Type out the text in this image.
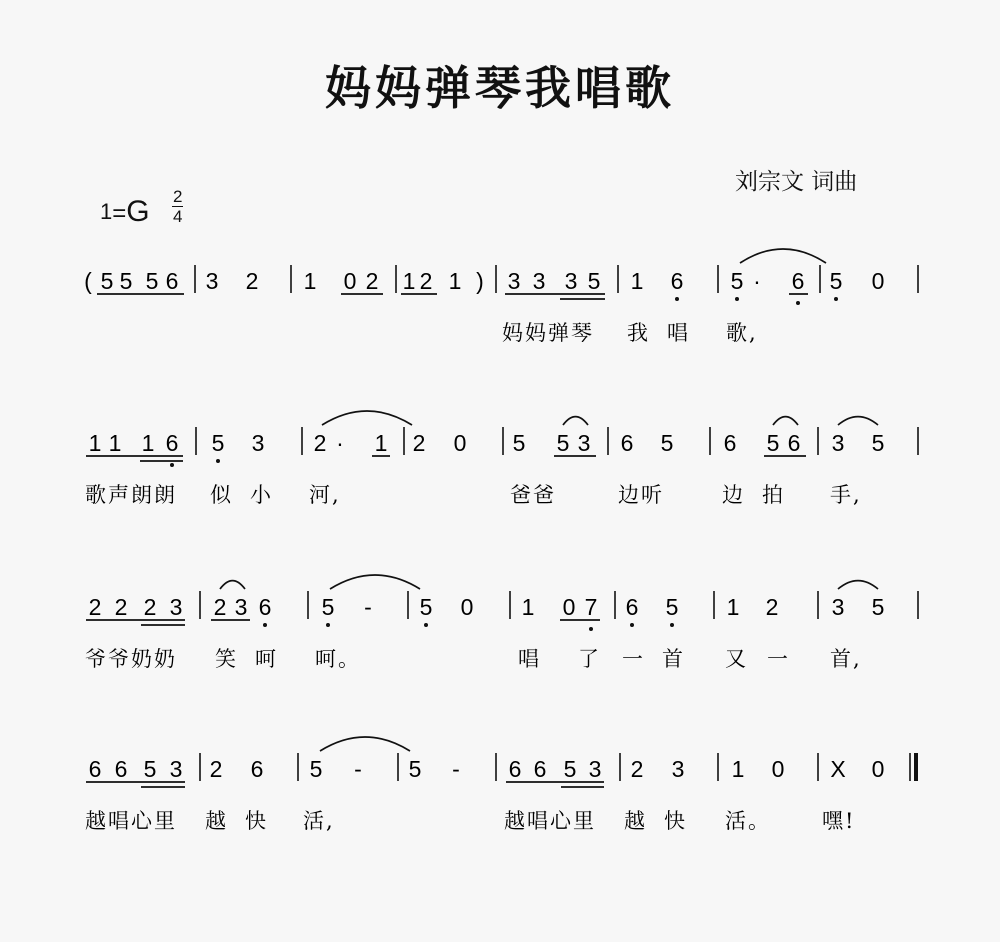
妈妈弹琴我唱歌
刘宗文 词曲
$1=G \frac{2}{4}$
( 5 5 5 6 3 2 1 0 2 1 2 1 ) 3 3 3 5 1 6 5 · 6 5 0
妈妈弹琴 我 唱 歌,
1 1 1 6 5 3 2 · 1 2 0 5 5 3 6 5 6 5 6 3 5
歌声朗朗 似 小 河,	爸爸	边听	边 拍 手,
2 2 2 3 2 3 6 5 - 5 0 1 0 7 6 5 1 2 3 5
爷爷奶奶 笑 呵 呵。	唱 了 一 首 又 一 首,
6 6 5 3 2 6 5 - 5 - 6 6 5 3 2 3 1 0 X 0
越唱心里 越 快 活,	越唱心里 越 快 活。 嘿!
